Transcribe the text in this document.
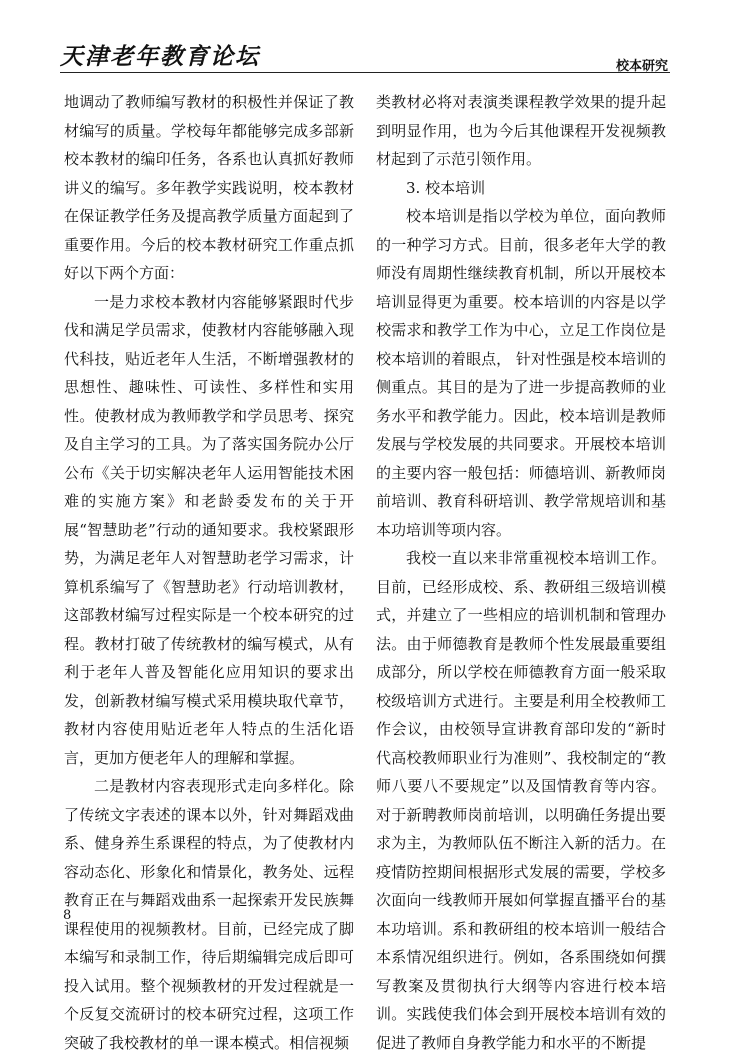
天津老年教育论坛	校本研究

地调动了教师编写教材的积极性并保证了教材编写的质量。学校每年都能够完成多部新校本教材的编印任务，各系也认真抓好教师讲义的编写。多年教学实践说明，校本教材在保证教学任务及提高教学质量方面起到了重要作用。今后的校本教材研究工作重点抓好以下两个方面：

一是力求校本教材内容能够紧跟时代步伐和满足学员需求，使教材内容能够融入现代科技，贴近老年人生活，不断增强教材的思想性、趣味性、可读性、多样性和实用性。使教材成为教师教学和学员思考、探究及自主学习的工具。为了落实国务院办公厅公布《关于切实解决老年人运用智能技术困难的实施方案》和老龄委发布的关于开展“智慧助老”行动的通知要求。我校紧跟形势，为满足老年人对智慧助老学习需求，计算机系编写了《智慧助老》行动培训教材，这部教材编写过程实际是一个校本研究的过程。教材打破了传统教材的编写模式，从有利于老年人普及智能化应用知识的要求出发，创新教材编写模式采用模块取代章节，教材内容使用贴近老年人特点的生活化语言，更加方便老年人的理解和掌握。

二是教材内容表现形式走向多样化。除了传统文字表述的课本以外，针对舞蹈戏曲系、健身养生系课程的特点，为了使教材内容动态化、形象化和情景化，教务处、远程教育正在与舞蹈戏曲系一起探索开发民族舞课程使用的视频教材。目前，已经完成了脚本编写和录制工作，待后期编辑完成后即可投入试用。整个视频教材的开发过程就是一个反复交流研讨的校本研究过程，这项工作突破了我校教材的单一课本模式。相信视频

类教材必将对表演类课程教学效果的提升起到明显作用，也为今后其他课程开发视频教材起到了示范引领作用。

3. 校本培训

校本培训是指以学校为单位，面向教师的一种学习方式。目前，很多老年大学的教师没有周期性继续教育机制，所以开展校本培训显得更为重要。校本培训的内容是以学校需求和教学工作为中心，立足工作岗位是校本培训的着眼点， 针对性强是校本培训的侧重点。其目的是为了进一步提高教师的业务水平和教学能力。因此，校本培训是教师发展与学校发展的共同要求。开展校本培训的主要内容一般包括：师德培训、新教师岗前培训、教育科研培训、教学常规培训和基本功培训等项内容。

我校一直以来非常重视校本培训工作。目前，已经形成校、系、教研组三级培训模式，并建立了一些相应的培训机制和管理办法。由于师德教育是教师个性发展最重要组成部分，所以学校在师德教育方面一般采取校级培训方式进行。主要是利用全校教师工作会议，由校领导宣讲教育部印发的“新时代高校教师职业行为准则”、我校制定的“教师八要八不要规定”以及国情教育等内容。对于新聘教师岗前培训，以明确任务提出要求为主，为教师队伍不断注入新的活力。在疫情防控期间根据形式发展的需要，学校多次面向一线教师开展如何掌握直播平台的基本功培训。系和教研组的校本培训一般结合本系情况组织进行。例如，各系围绕如何撰写教案及贯彻执行大纲等内容进行校本培训。实践使我们体会到开展校本培训有效的促进了教师自身教学能力和水平的不断提

8
